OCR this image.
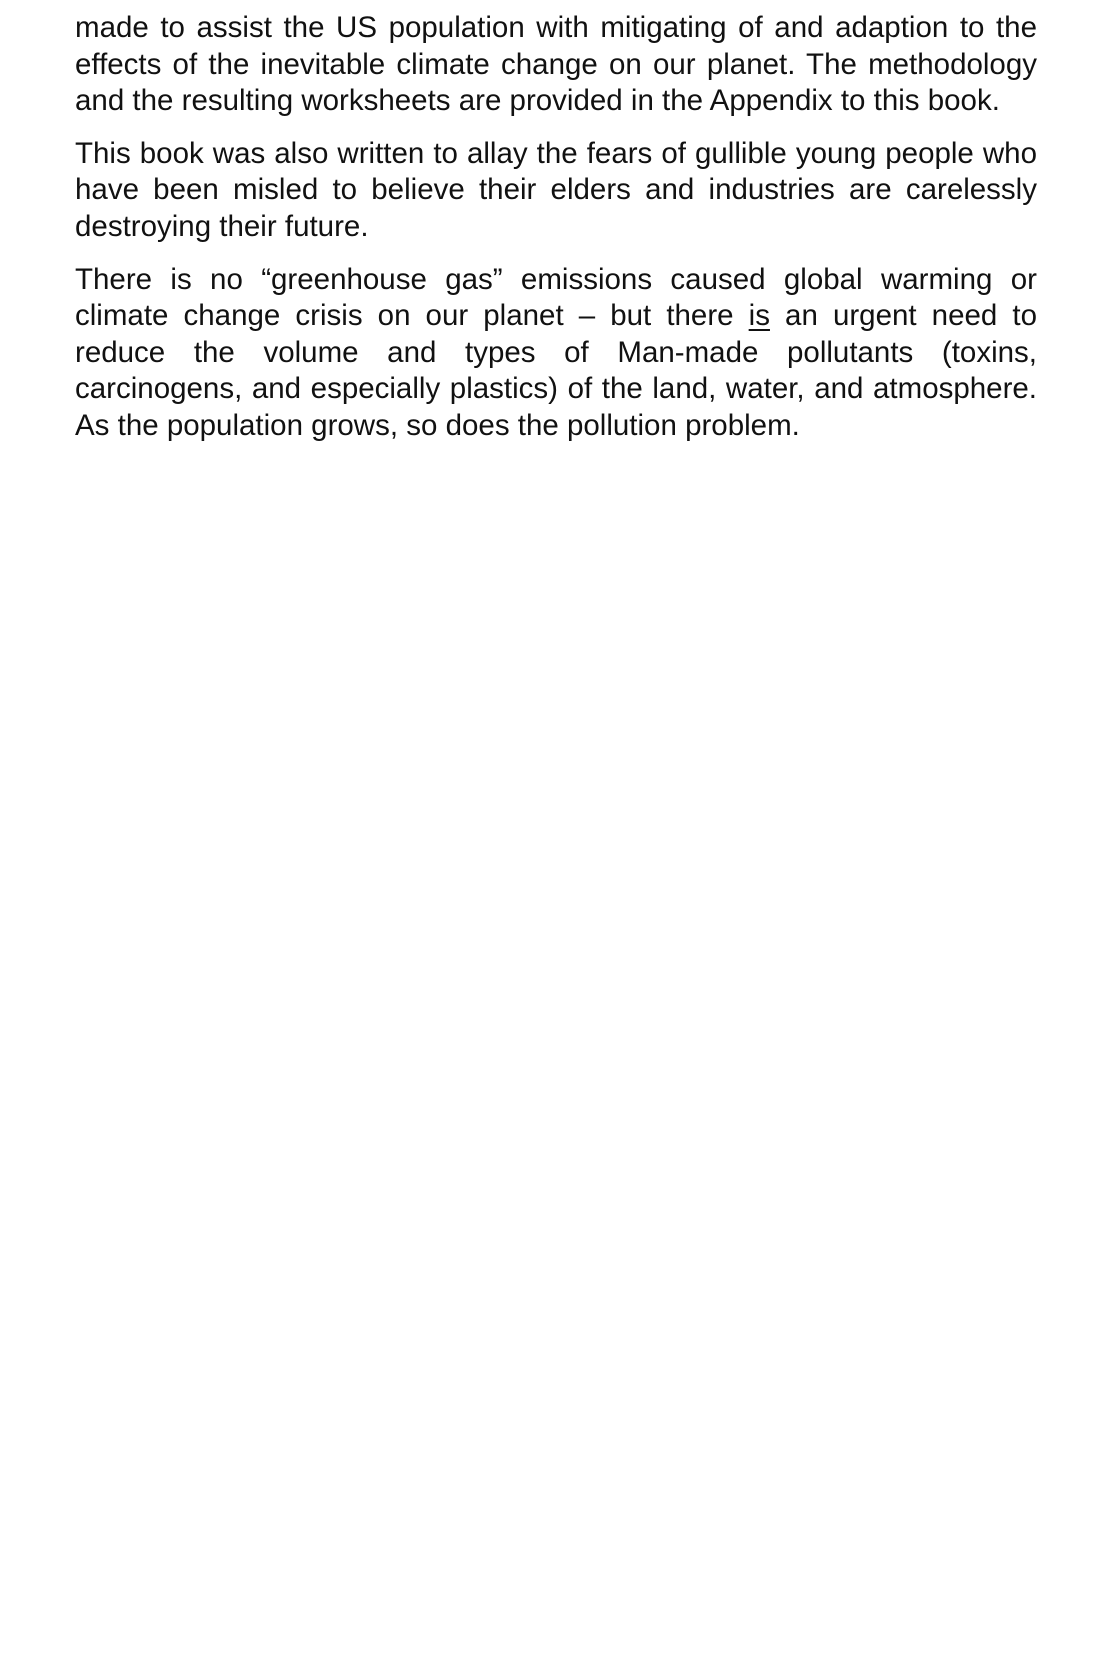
made to assist the US population with mitigating of and adaption to the effects of the inevitable climate change on our planet. The methodology and the resulting worksheets are provided in the Appendix to this book.

This book was also written to allay the fears of gullible young people who have been misled to believe their elders and industries are carelessly destroying their future.

There is no “greenhouse gas” emissions caused global warming or climate change crisis on our planet – but there is an urgent need to reduce the volume and types of Man-made pollutants (toxins, carcinogens, and especially plastics) of the land, water, and atmosphere. As the population grows, so does the pollution problem.
